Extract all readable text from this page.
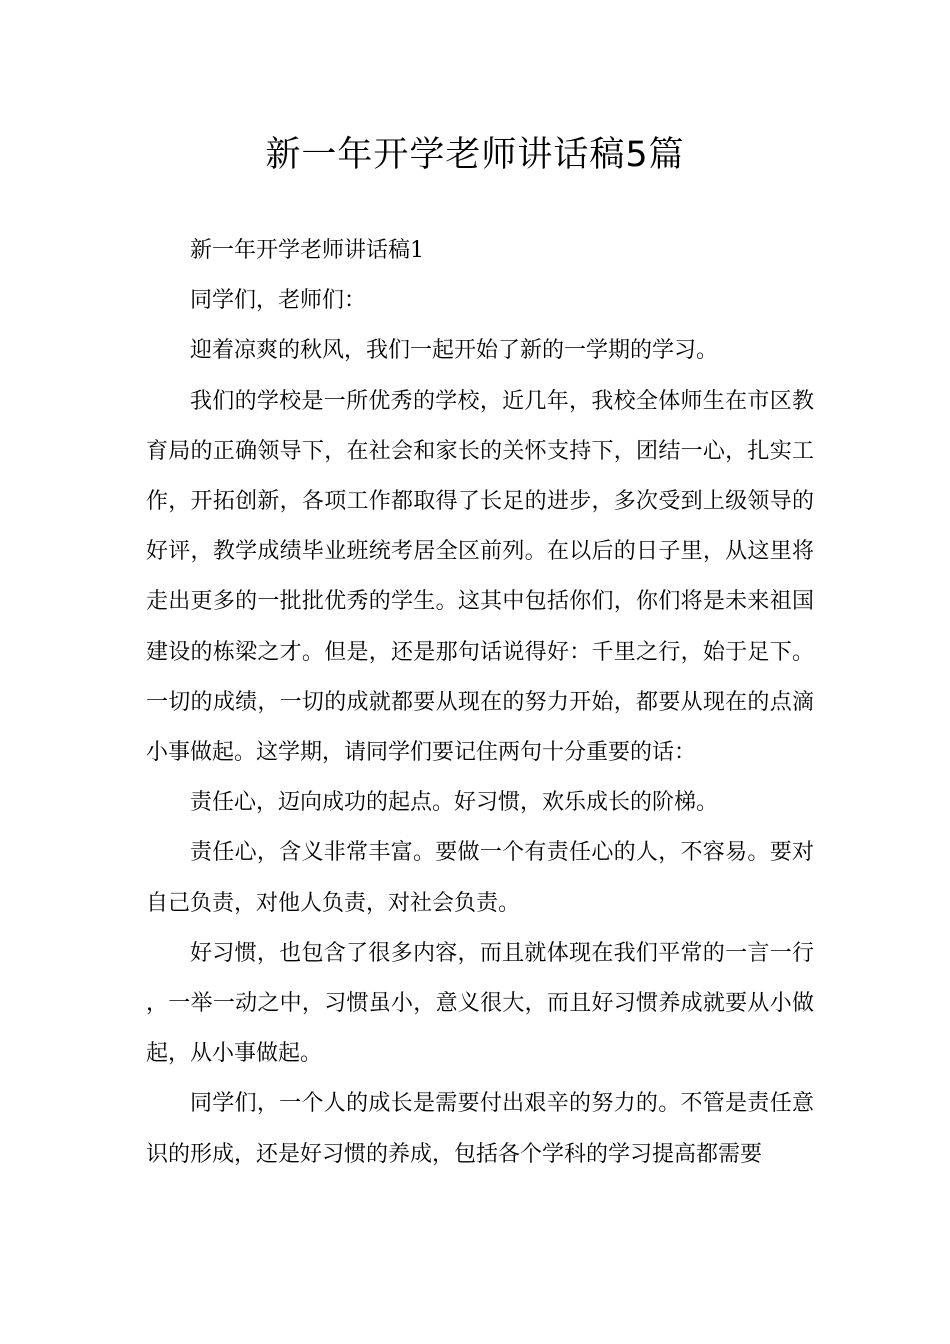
新一年开学老师讲话稿5篇

新一年开学老师讲话稿1

同学们，老师们：

迎着凉爽的秋风，我们一起开始了新的一学期的学习。

我们的学校是一所优秀的学校，近几年，我校全体师生在市区教育局的正确领导下，在社会和家长的关怀支持下，团结一心，扎实工作，开拓创新，各项工作都取得了长足的进步，多次受到上级领导的好评，教学成绩毕业班统考居全区前列。在以后的日子里，从这里将走出更多的一批批优秀的学生。这其中包括你们，你们将是未来祖国建设的栋梁之才。但是，还是那句话说得好：千里之行，始于足下。一切的成绩，一切的成就都要从现在的努力开始，都要从现在的点滴小事做起。这学期，请同学们要记住两句十分重要的话：

责任心，迈向成功的起点。好习惯，欢乐成长的阶梯。

责任心，含义非常丰富。要做一个有责任心的人，不容易。要对自己负责，对他人负责，对社会负责。

好习惯，也包含了很多内容，而且就体现在我们平常的一言一行，一举一动之中，习惯虽小，意义很大，而且好习惯养成就要从小做起，从小事做起。

同学们，一个人的成长是需要付出艰辛的努力的。不管是责任意识的形成，还是好习惯的养成，包括各个学科的学习提高都需要
